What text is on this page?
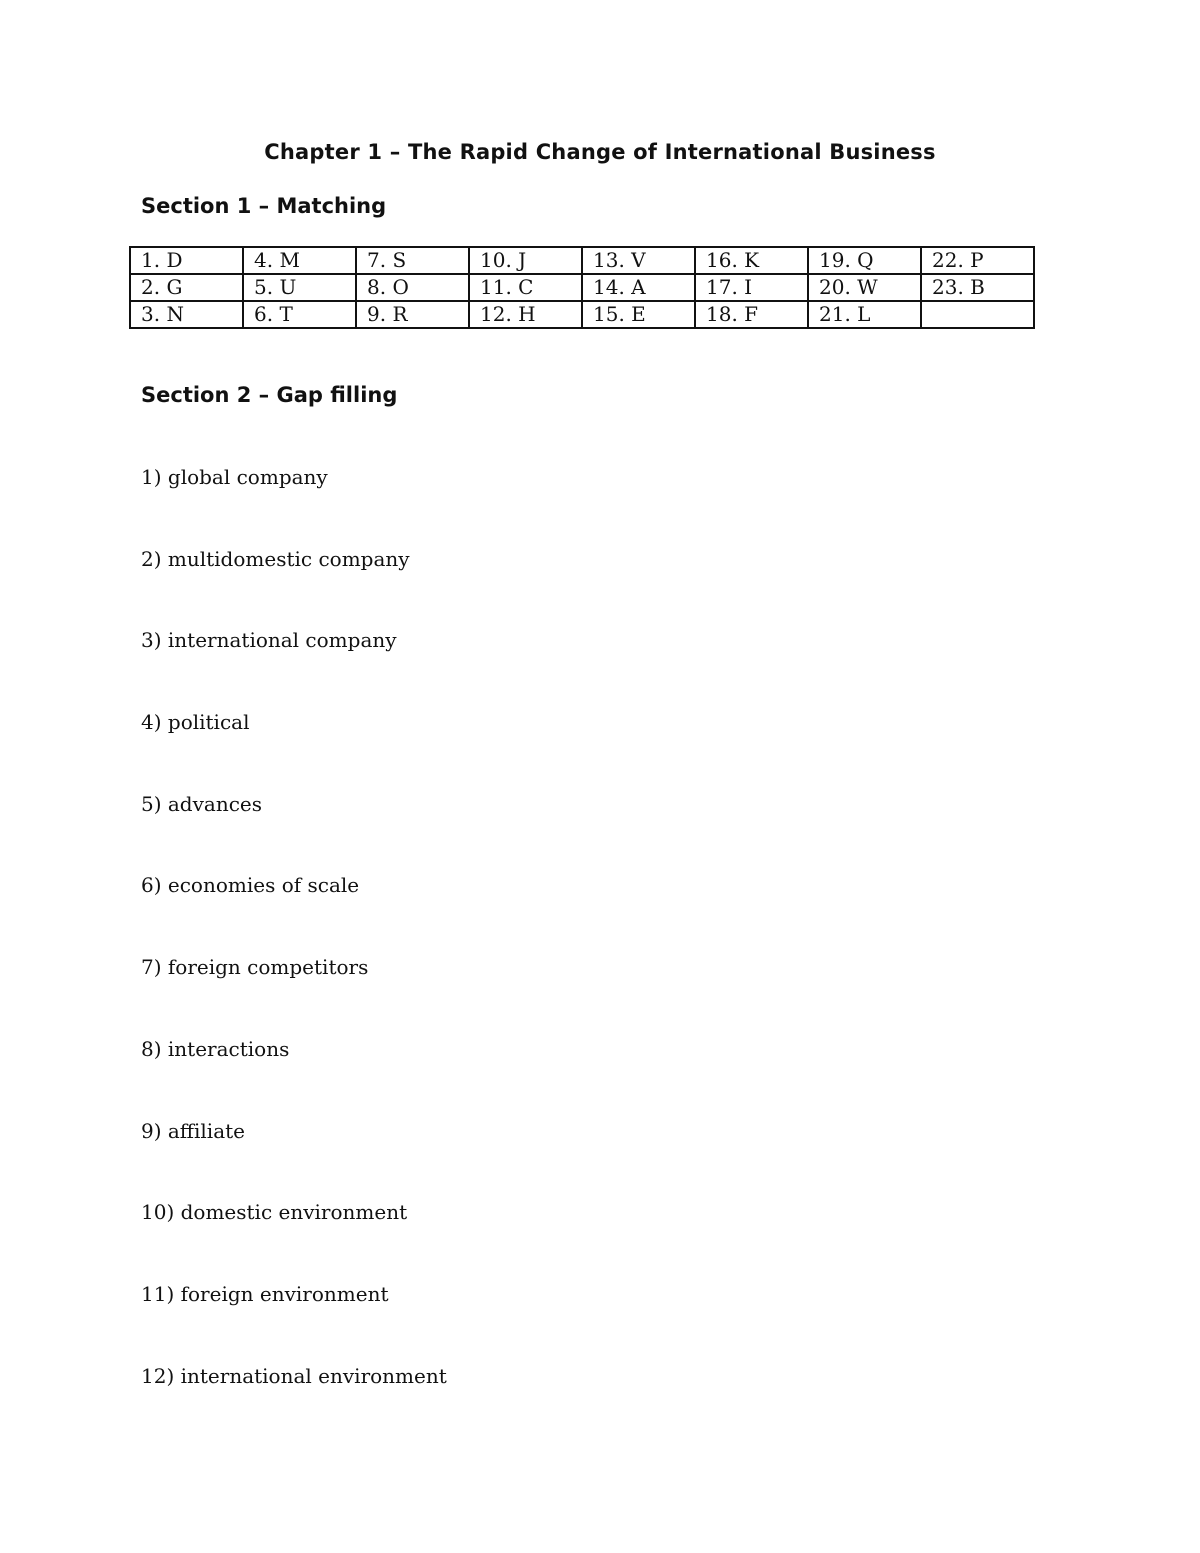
Chapter 1 – The Rapid Change of International Business
Section 1 – Matching
1. D	4. M	7. S	10. J	13. V	16. K	19. Q	22. P
2. G	5. U	8. O	11. C	14. A	17. I	20. W	23. B
3. N	6. T	9. R	12. H	15. E	18. F	21. L	
Section 2 – Gap filling
1) global company
2) multidomestic company
3) international company
4) political
5) advances
6) economies of scale
7) foreign competitors
8) interactions
9) affiliate
10) domestic environment
11) foreign environment
12) international environment
